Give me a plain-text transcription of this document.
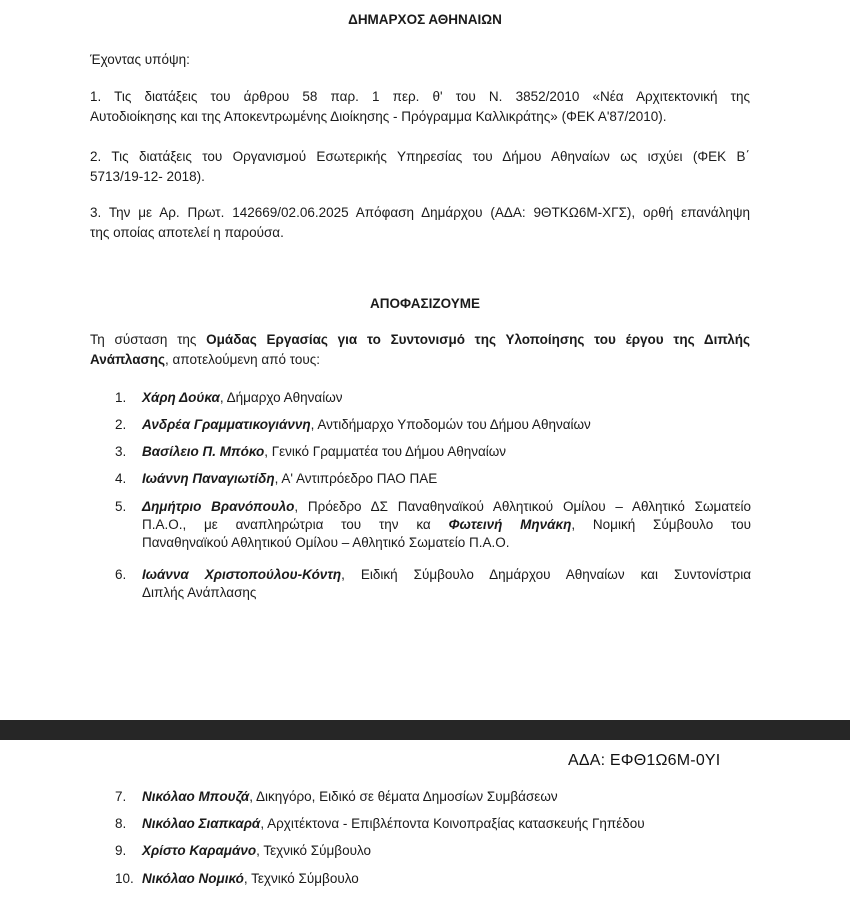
ΔΗΜΑΡΧΟΣ ΑΘΗΝΑΙΩΝ
Έχοντας υπόψη:
1. Τις διατάξεις του άρθρου 58 παρ. 1 περ. θ' του Ν. 3852/2010 «Νέα Αρχιτεκτονική της
Αυτοδιοίκησης και της Αποκεντρωμένης Διοίκησης - Πρόγραμμα Καλλικράτης» (ΦΕΚ Α'87/2010).
2. Τις διατάξεις του Οργανισμού Εσωτερικής Υπηρεσίας του Δήμου Αθηναίων ως ισχύει (ΦΕΚ Β΄
5713/19-12- 2018).
3. Την με Αρ. Πρωτ. 142669/02.06.2025 Απόφαση Δημάρχου (ΑΔΑ: 9ΘΤΚΩ6Μ-ΧΓΣ), ορθή επανάληψη
της οποίας αποτελεί η παρούσα.
ΑΠΟΦΑΣΙΖΟΥΜΕ
Τη σύσταση της Ομάδας Εργασίας για το Συντονισμό της Υλοποίησης του έργου της Διπλής
Ανάπλασης, αποτελούμενη από τους:
1.	Χάρη Δούκα, Δήμαρχο Αθηναίων
2.	Ανδρέα Γραμματικογιάννη, Αντιδήμαρχο Υποδομών του Δήμου Αθηναίων
3.	Βασίλειο Π. Μπόκο, Γενικό Γραμματέα του Δήμου Αθηναίων
4.	Ιωάννη Παναγιωτίδη, Α' Αντιπρόεδρο ΠΑΟ ΠΑΕ
5.	Δημήτριο Βρανόπουλο, Πρόεδρο ΔΣ Παναθηναϊκού Αθλητικού Ομίλου – Αθλητικό Σωματείο
Π.Α.Ο., με αναπληρώτρια του την κα Φωτεινή Μηνάκη, Νομική Σύμβουλο του
Παναθηναϊκού Αθλητικού Ομίλου – Αθλητικό Σωματείο Π.Α.Ο.
6.	Ιωάννα Χριστοπούλου-Κόντη, Ειδική Σύμβουλο Δημάρχου Αθηναίων και Συντονίστρια
Διπλής Ανάπλασης
ΑΔΑ: ΕΦΘ1Ω6Μ-0ΥΙ
7.	Νικόλαο Μπουζά, Δικηγόρο, Ειδικό σε θέματα Δημοσίων Συμβάσεων
8.	Νικόλαο Σιαπκαρά, Αρχιτέκτονα - Επιβλέποντα Κοινοπραξίας κατασκευής Γηπέδου
9.	Χρίστο Καραμάνο, Τεχνικό Σύμβουλο
10. Νικόλαο Νομικό, Τεχνικό Σύμβουλο
